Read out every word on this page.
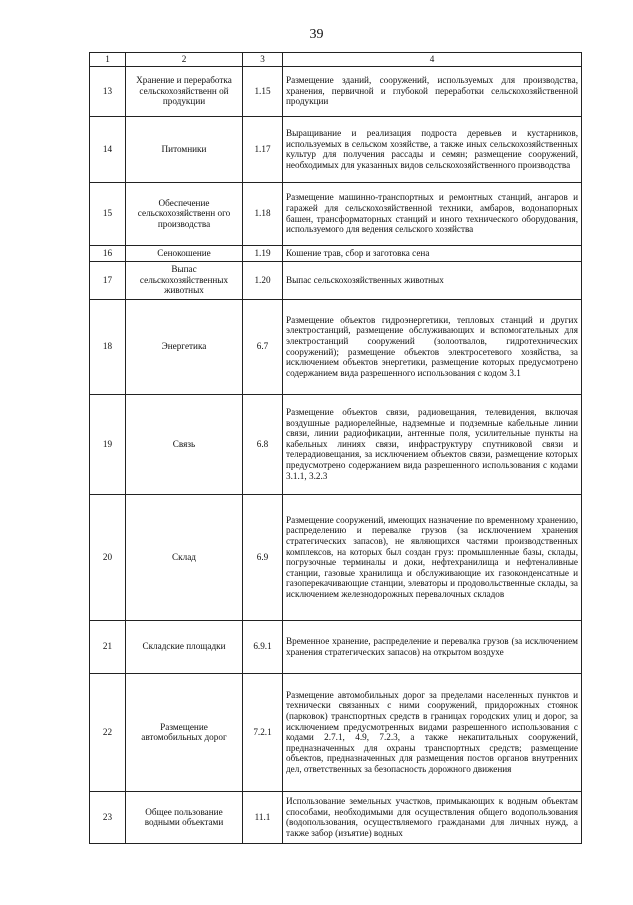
39
1	2	3	4
13	Хранение и переработка сельскохозяйственн ой продукции	1.15	Размещение зданий, сооружений, используемых для производства, хранения, первичной и глубокой переработки сельскохозяйственной продукции
14	Питомники	1.17	Выращивание и реализация подроста деревьев и кустарников, используемых в сельском хозяйстве, а также иных сельскохозяйственных культур для получения рассады и семян; размещение сооружений, необходимых для указанных видов сельскохозяйственного производства
15	Обеспечение сельскохозяйственн ого производства	1.18	Размещение машинно-транспортных и ремонтных станций, ангаров и гаражей для сельскохозяйственной техники, амбаров, водонапорных башен, трансформаторных станций и иного технического оборудования, используемого для ведения сельского хозяйства
16	Сенокошение	1.19	Кошение трав, сбор и заготовка сена
17	Выпас сельскохозяйственных животных	1.20	Выпас сельскохозяйственных животных
18	Энергетика	6.7	Размещение объектов гидроэнергетики, тепловых станций и других электростанций, размещение обслуживающих и вспомогательных для электростанций сооружений (золоотвалов, гидротехнических сооружений); размещение объектов электросетевого хозяйства, за исключением объектов энергетики, размещение которых предусмотрено содержанием вида разрешенного использования с кодом 3.1
19	Связь	6.8	Размещение объектов связи, радиовещания, телевидения, включая воздушные радиорелейные, надземные и подземные кабельные линии связи, линии радиофикации, антенные поля, усилительные пункты на кабельных линиях связи, инфраструктуру спутниковой связи и телерадиовещания, за исключением объектов связи, размещение которых предусмотрено содержанием вида разрешенного использования с кодами 3.1.1, 3.2.3
20	Склад	6.9	Размещение сооружений, имеющих назначение по временному хранению, распределению и перевалке грузов (за исключением хранения стратегических запасов), не являющихся частями производственных комплексов, на которых был создан груз: промышленные базы, склады, погрузочные терминалы и доки, нефтехранилища и нефтеналивные станции, газовые хранилища и обслуживающие их газоконденсатные и газоперекачивающие станции, элеваторы и продовольственные склады, за исключением железнодорожных перевалочных складов
21	Складские площадки	6.9.1	Временное хранение, распределение и перевалка грузов (за исключением хранения стратегических запасов) на открытом воздухе
22	Размещение автомобильных дорог	7.2.1	Размещение автомобильных дорог за пределами населенных пунктов и технически связанных с ними сооружений, придорожных стоянок (парковок) транспортных средств в границах городских улиц и дорог, за исключением предусмотренных видами разрешенного использования с кодами 2.7.1, 4.9, 7.2.3, а также некапитальных сооружений, предназначенных для охраны транспортных средств; размещение объектов, предназначенных для размещения постов органов внутренних дел, ответственных за безопасность дорожного движения
23	Общее пользование водными объектами	11.1	Использование земельных участков, примыкающих к водным объектам способами, необходимыми для осуществления общего водопользования (водопользования, осуществляемого гражданами для личных нужд, а также забор (изъятие) водных
